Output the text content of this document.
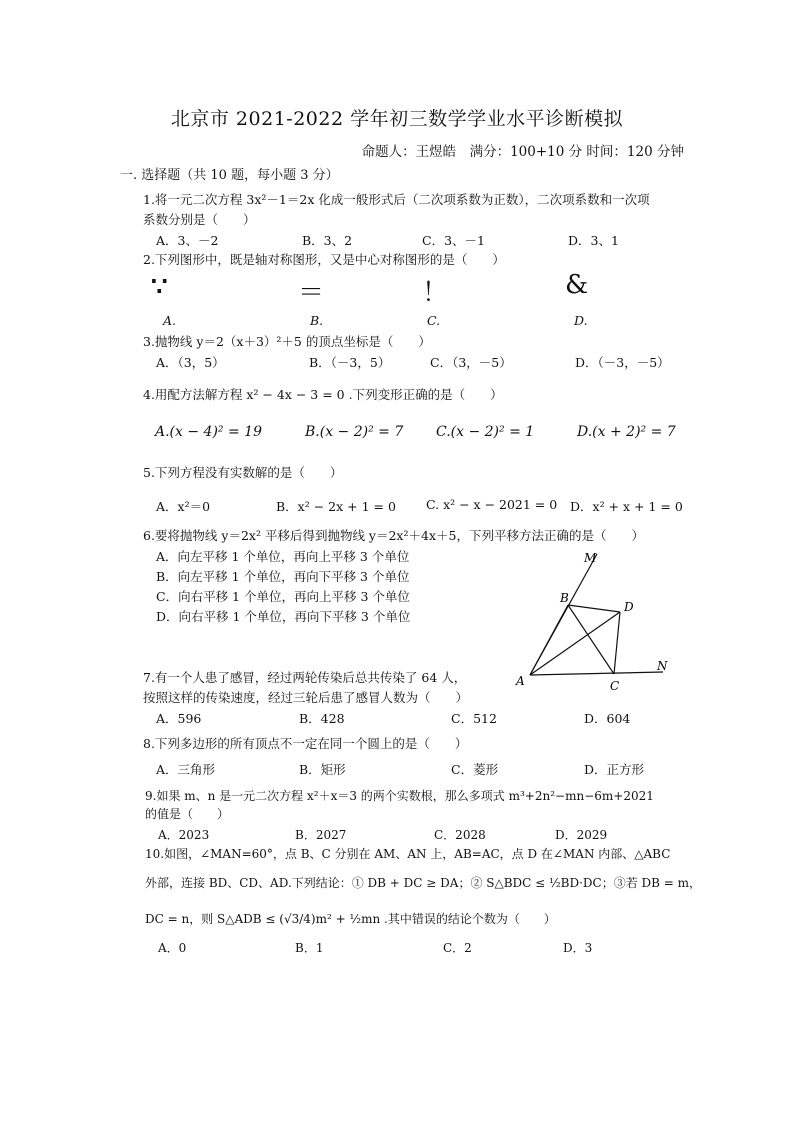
北京市 2021-2022 学年初三数学学业水平诊断模拟
命题人：王煜皓　满分：100+10 分 时间：120 分钟
一. 选择题（共 10 题，每小题 3 分）
1.将一元二次方程 3x²－1＝2x 化成一般形式后（二次项系数为正数），二次项系数和一次项
系数分别是（　　）
A．3、－2	B．3、2	C．3、－1	D．3、1
2.下列图形中，既是轴对称图形，又是中心对称图形的是（　　）
∵	＝	！	&
A.	B.	C.	D.
3.抛物线 y＝2（x＋3）²＋5 的顶点坐标是（　　）
A．（3，5）	B．（－3，5）	C．（3，－5）	D．（－3，－5）
4.用配方法解方程 x² − 4x − 3 = 0 .下列变形正确的是（　　）
A.(x − 4)² = 19	B.(x − 2)² = 7 C.(x − 2)² = 1	D.(x + 2)² = 7
5.下列方程没有实数解的是（　　）
A．x²＝0	B．x² − 2x + 1 = 0 C. x² − x − 2021 = 0 D．x² + x + 1 = 0
6.要将抛物线 y＝2x² 平移后得到抛物线 y＝2x²＋4x＋5，下列平移方法正确的是（　　）
A．向左平移 1 个单位，再向上平移 3 个单位
B．向左平移 1 个单位，再向下平移 3 个单位
C．向右平移 1 个单位，再向上平移 3 个单位
D．向右平移 1 个单位，再向下平移 3 个单位
M
B
D
N
A	C
7.有一个人患了感冒，经过两轮传染后总共传染了 64 人，
按照这样的传染速度，经过三轮后患了感冒人数为（　　）
A．596	B．428	C．512	D．604
8.下列多边形的所有顶点不一定在同一个圆上的是（　　）
A．三角形	B．矩形	C．菱形	D．正方形
9.如果 m、n 是一元二次方程 x²＋x＝3 的两个实数根，那么多项式 m³+2n²−mn−6m+2021
的值是（　　）
A．2023	B．2027	C．2028	D．2029
10.如图，∠MAN=60°，点 B、C 分别在 AM、AN 上，AB=AC，点 D 在∠MAN 内部、△ABC
外部，连接 BD、CD、AD.下列结论：① DB + DC ≥ DA；② S△BDC ≤ ½BD·DC；③若 DB = m，
DC = n，则 S△ADB ≤ (√3/4)m² + ½mn .其中错误的结论个数为（　　）
A．0	B．1	C．2	D．3
